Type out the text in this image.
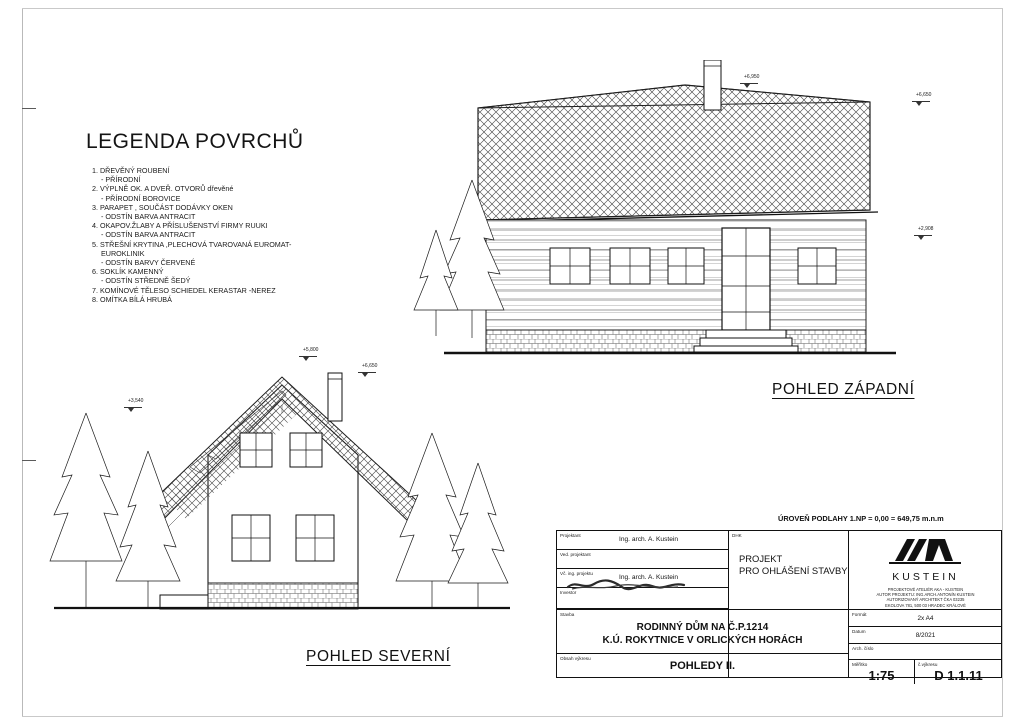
LEGENDA POVRCHŮ
1. DŘEVĚNÝ ROUBENÍ
- PŘÍRODNÍ
2. VÝPLNĚ OK. A DVEŘ. OTVORŮ dřevěné
- PŘÍRODNÍ BOROVICE
3. PARAPET , SOUČÁST DODÁVKY OKEN
- ODSTÍN BARVA ANTRACIT
4. OKAPOV.ŽLABY A PŘÍSLUŠENSTVÍ FIRMY RUUKI
- ODSTÍN BARVA ANTRACIT
5. STŘEŠNÍ KRYTINA ,PLECHOVÁ TVAROVANÁ EUROMAT-
EUROKLINIK
- ODSTÍN BARVY ČERVENÉ
6. SOKLÍK KAMENNÝ
- ODSTÍN STŘEDNĚ ŠEDÝ
7. KOMÍNOVÉ TĚLESO SCHIEDEL KERASTAR -NEREZ
8. OMÍTKA BÍLÁ HRUBÁ
+6,950
+6,650
+2,908
POHLED ZÁPADNÍ
+5,800
+6,650
+3,540
POHLED SEVERNÍ
ÚROVEŇ PODLAHY 1.NP = 0,00 = 649,75 m.n.m
Projektant
Ing. arch. A. Kustein
Ved. projektant
Vč. ing. projektu
Ing. arch. A. Kustein
Investor
DHK
PROJEKT
PRO OHLÁŠENÍ STAVBY
KUSTEIN
PROJEKTOVÉ ATELIÉR AKA - KUSTEIN
AUTOR PROJEKTU: ING.ARCH.ANTONÍN KUSTEIN
AUTORIZOVANÝ ARCHITEKT ČKA 03235
EKOLOVA 781, 500 03 HRADEC KRÁLOVÉ
Stavba
RODINNÝ DŮM NA Č.P.1214
K.Ú. ROKYTNICE V ORLICKÝCH HORÁCH
Obsah výkresu
POHLEDY II.
Formát
2x A4
Datum
8/2021
Arch. číslo
Měřítko
1:75
č.výkresu
D 1.1.11
